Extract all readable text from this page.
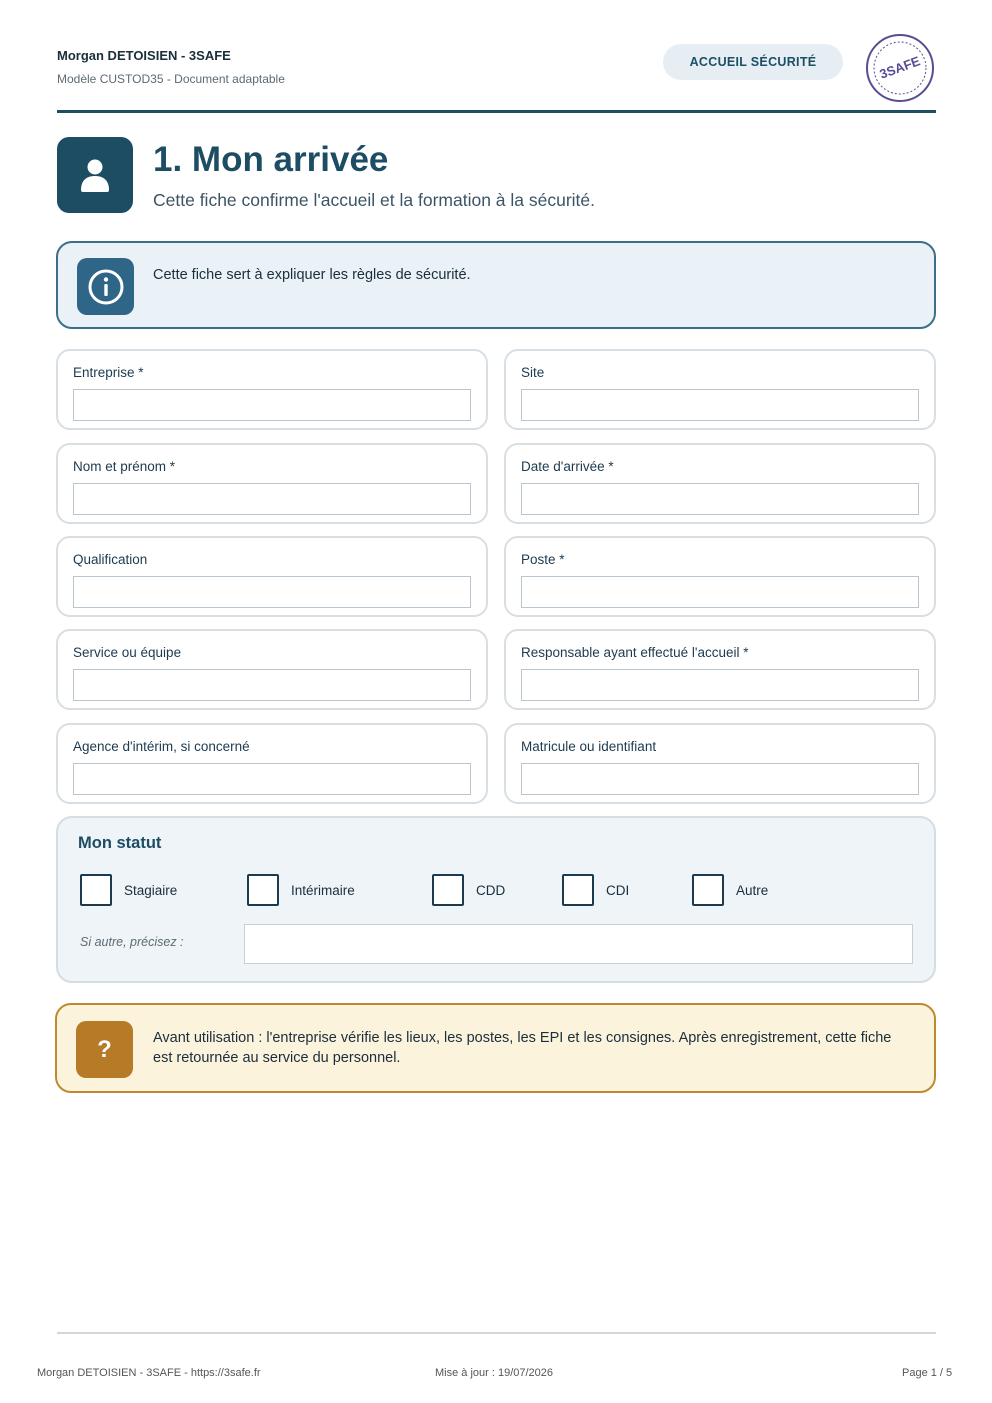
Morgan DETOISIEN - 3SAFE
Modèle CUSTOD35 - Document adaptable
ACCUEIL SÉCURITÉ	3SAFE
1. Mon arrivée
Cette fiche confirme l'accueil et la formation à la sécurité.
Cette fiche sert à expliquer les règles de sécurité.
Entreprise *	Site
Nom et prénom *	Date d'arrivée *
Qualification	Poste *
Service ou équipe	Responsable ayant effectué l'accueil *
Agence d'intérim, si concerné	Matricule ou identifiant
Mon statut
Stagiaire	Intérimaire	CDD	CDI	Autre
Si autre, précisez :
?	Avant utilisation : l'entreprise vérifie les lieux, les postes, les EPI et les consignes. Après enregistrement, cette fiche est retournée au service du personnel.
Morgan DETOISIEN - 3SAFE - https://3safe.fr	Mise à jour : 19/07/2026	Page 1 / 5
